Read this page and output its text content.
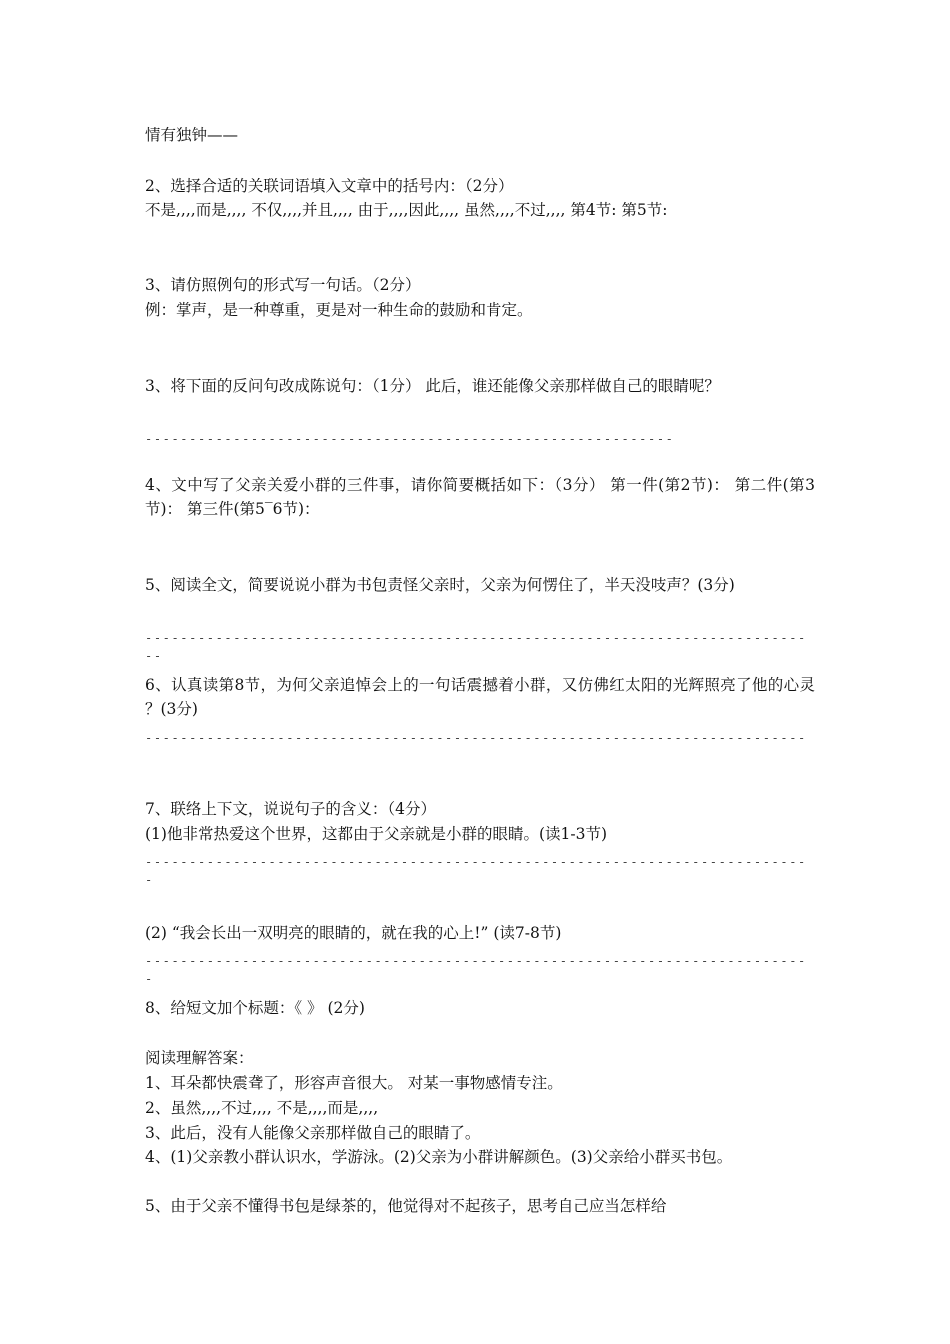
情有独钟——
2、选择合适的关联词语填入文章中的括号内：（2分）
不是,,,,而是,,,, 不仅,,,,并且,,,, 由于,,,,因此,,,, 虽然,,,,不过,,,, 第4节: 第5节:
3、请仿照例句的形式写一句话。（2分）
例：掌声，是一种尊重，更是对一种生命的鼓励和肯定。
3、将下面的反问句改成陈说句：（1分） 此后，谁还能像父亲那样做自己的眼睛呢？
------------------------------------------------------------
4、文中写了父亲关爱小群的三件事，请你简要概括如下：（3分） 第一件(第2节)： 第二件(第3节)： 第三件(第5‾6节)：
5、阅读全文，简要说说小群为书包责怪父亲时，父亲为何愣住了，半天没吱声？(3分)
-----------------------------------------------------------------------------
6、认真读第8节，为何父亲追悼会上的一句话震撼着小群，又仿佛红太阳的光辉照亮了他的心灵 ？(3分)
---------------------------------------------------------------------------
7、联络上下文，说说句子的含义：（4分）
(1)他非常热爱这个世界，这都由于父亲就是小群的眼睛。(读1-3节)
----------------------------------------------------------------------------
(2) “我会长出一双明亮的眼睛的，就在我的心上!” (读7-8节)
----------------------------------------------------------------------------
8、给短文加个标题：《 》 (2分)
阅读理解答案：
1、耳朵都快震聋了，形容声音很大。 对某一事物感情专注。
2、虽然,,,,不过,,,, 不是,,,,而是,,,,
3、此后，没有人能像父亲那样做自己的眼睛了。
4、(1)父亲教小群认识水，学游泳。(2)父亲为小群讲解颜色。(3)父亲给小群买书包。
5、由于父亲不懂得书包是绿茶的，他觉得对不起孩子，思考自己应当怎样给
